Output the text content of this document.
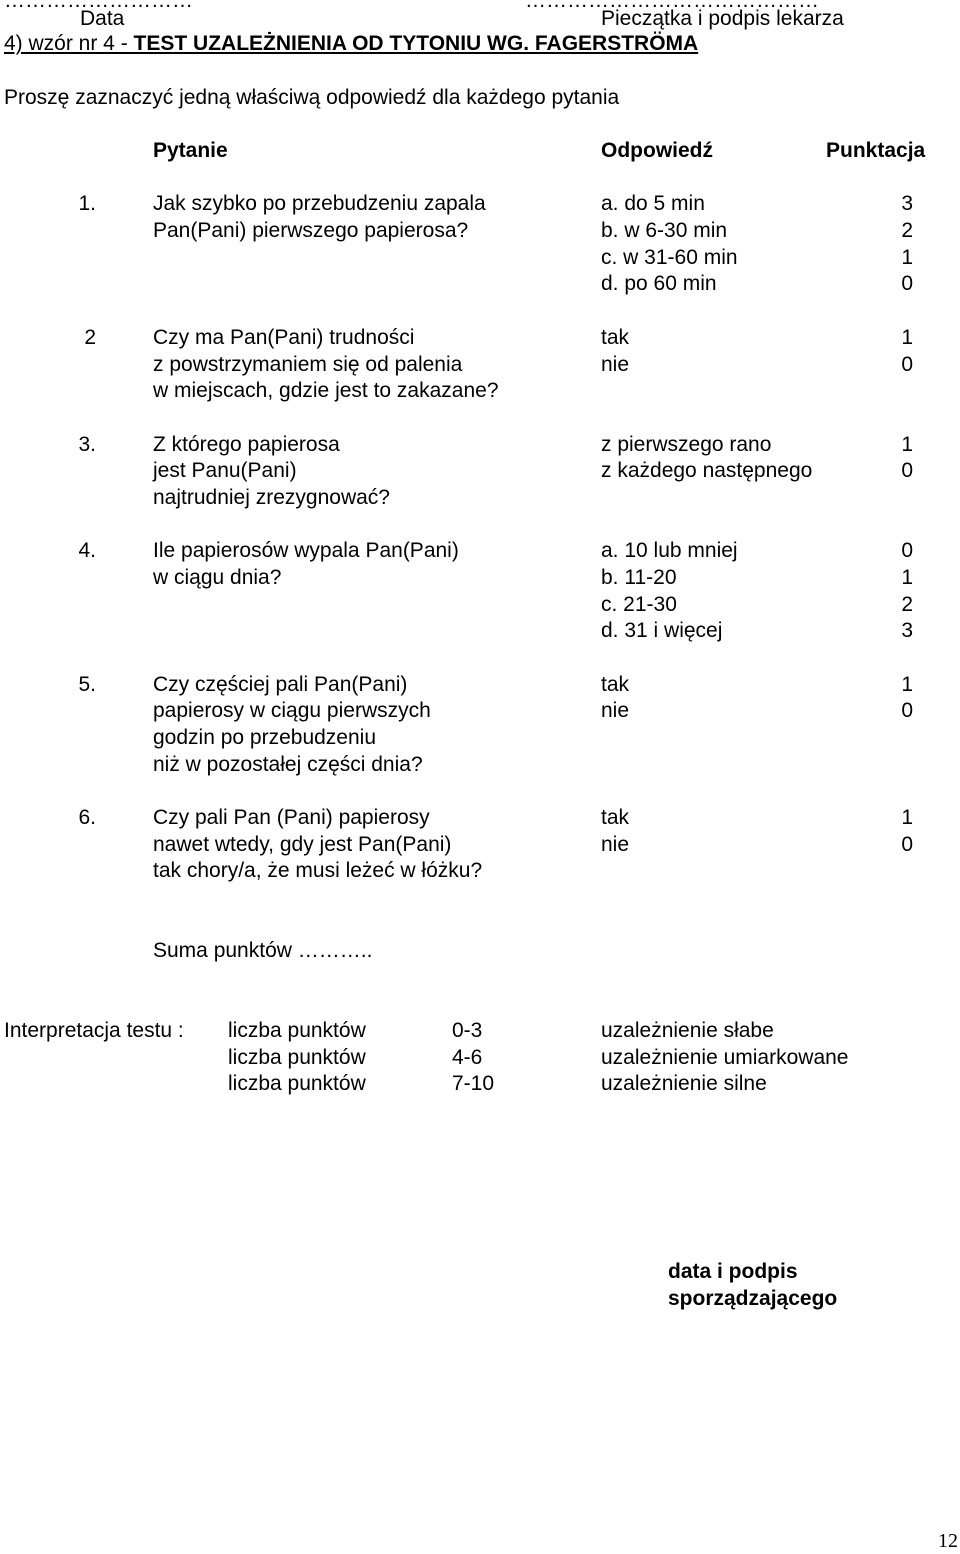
………………………	……………………………………
Data	Pieczątka i podpis lekarza
4) wzór nr 4 - TEST UZALEŻNIENIA OD TYTONIU WG. FAGERSTRÖMA
Proszę zaznaczyć jedną właściwą odpowiedź dla każdego pytania
Pytanie	Odpowiedź	Punktacja
1.	Jak szybko po przebudzeniu zapala
Pan(Pani) pierwszego papierosa?
a. do 5 min	3
b. w 6-30 min	2
c. w 31-60 min	1
d. po 60 min	0
2	Czy ma Pan(Pani) trudności
z powstrzymaniem się od palenia
w miejscach, gdzie jest to zakazane?
tak	1
nie	0
3.	Z którego papierosa
jest Panu(Pani)
najtrudniej zrezygnować?
z pierwszego rano	1
z każdego następnego	0
4.	Ile papierosów wypala Pan(Pani)
w ciągu dnia?
a. 10 lub mniej	0
b. 11-20	1
c. 21-30	2
d. 31 i więcej	3
5.	Czy częściej pali Pan(Pani)
papierosy w ciągu pierwszych
godzin po przebudzeniu
niż w pozostałej części dnia?
tak	1
nie	0
6.	Czy pali Pan (Pani) papierosy
nawet wtedy, gdy jest Pan(Pani)
tak chory/a, że musi leżeć w łóżku?
tak	1
nie	0
Suma punktów ………..
Interpretacja testu : liczba punktów	0-3	uzależnienie słabe
liczba punktów	4-6	uzależnienie umiarkowane
liczba punktów	7-10	uzależnienie silne
data i podpis
sporządzającego
12
